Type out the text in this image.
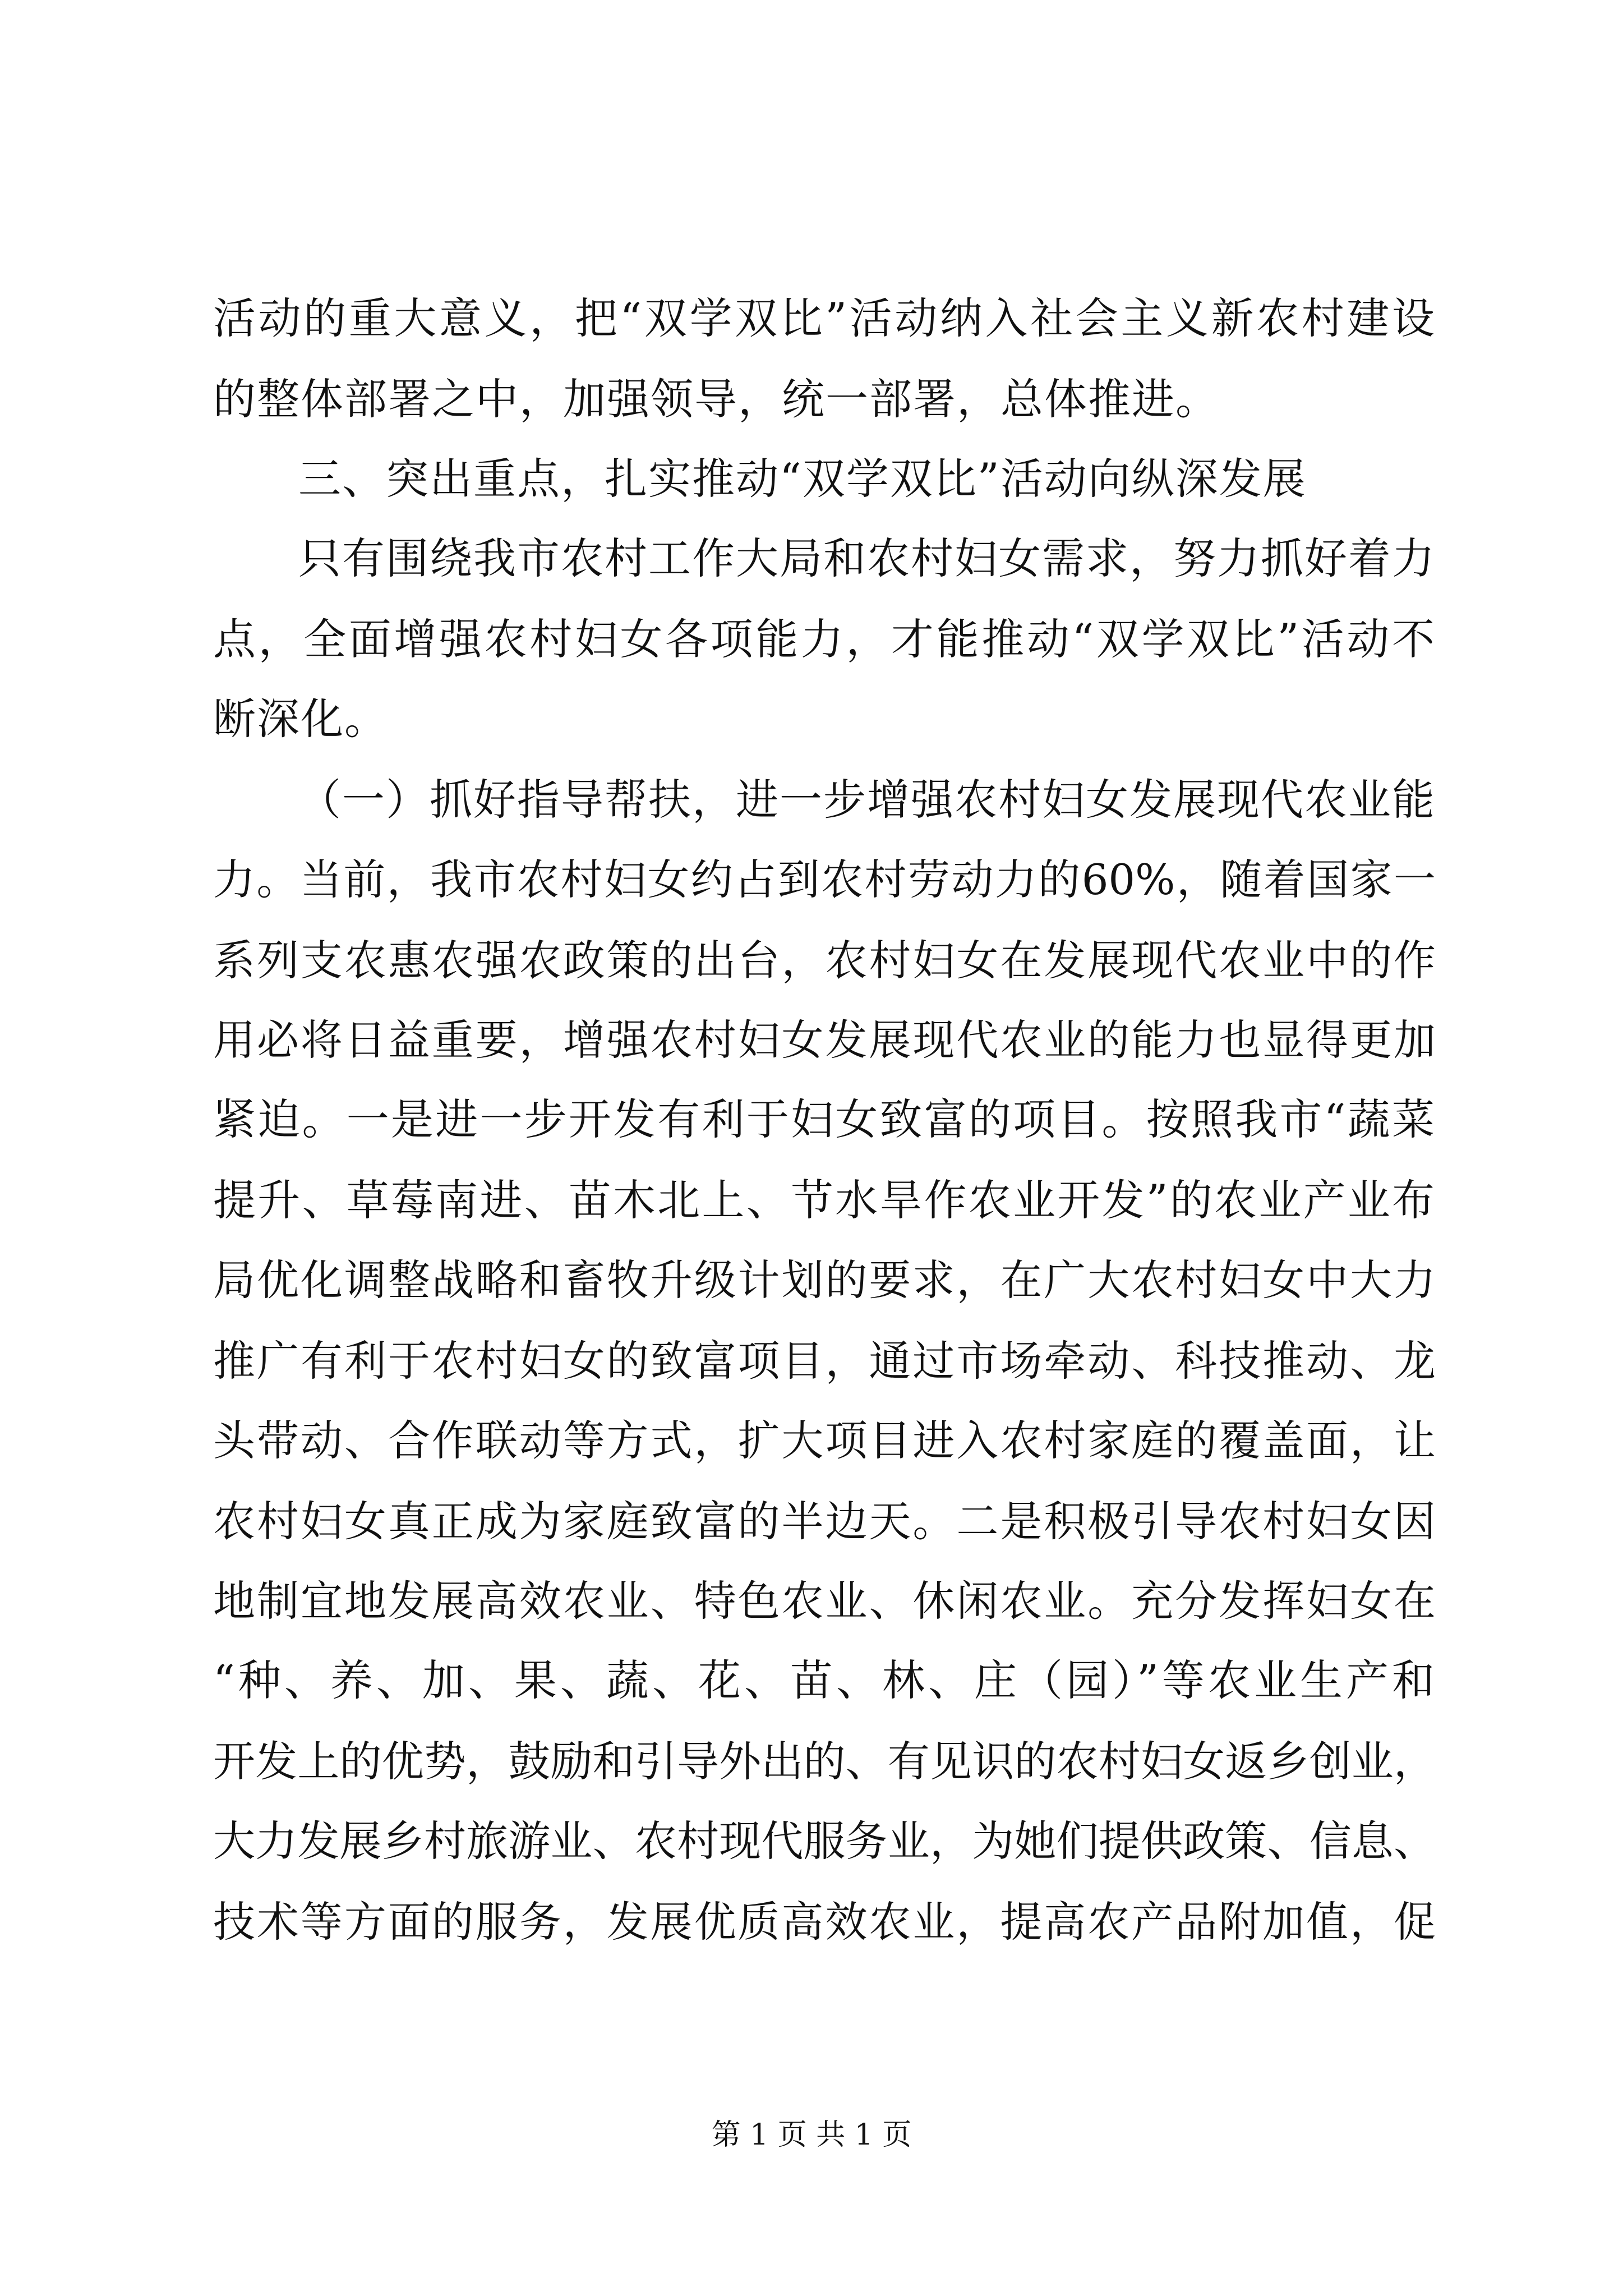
活动的重大意义，把“双学双比”活动纳入社会主义新农村建设
的整体部署之中，加强领导，统一部署，总体推进。
三、突出重点，扎实推动“双学双比”活动向纵深发展
只有围绕我市农村工作大局和农村妇女需求，努力抓好着力
点，全面增强农村妇女各项能力，才能推动“双学双比”活动不
断深化。
（一）抓好指导帮扶，进一步增强农村妇女发展现代农业能
力。当前，我市农村妇女约占到农村劳动力的60%，随着国家一
系列支农惠农强农政策的出台，农村妇女在发展现代农业中的作
用必将日益重要，增强农村妇女发展现代农业的能力也显得更加
紧迫。一是进一步开发有利于妇女致富的项目。按照我市“蔬菜
提升、草莓南进、苗木北上、节水旱作农业开发”的农业产业布
局优化调整战略和畜牧升级计划的要求，在广大农村妇女中大力
推广有利于农村妇女的致富项目，通过市场牵动、科技推动、龙
头带动、合作联动等方式，扩大项目进入农村家庭的覆盖面，让
农村妇女真正成为家庭致富的半边天。二是积极引导农村妇女因
地制宜地发展高效农业、特色农业、休闲农业。充分发挥妇女在
“种、养、加、果、蔬、花、苗、林、庄（园）”等农业生产和
开发上的优势，鼓励和引导外出的、有见识的农村妇女返乡创业，
大力发展乡村旅游业、农村现代服务业，为她们提供政策、信息、
技术等方面的服务，发展优质高效农业，提高农产品附加值，促
第 1 页 共 1 页
